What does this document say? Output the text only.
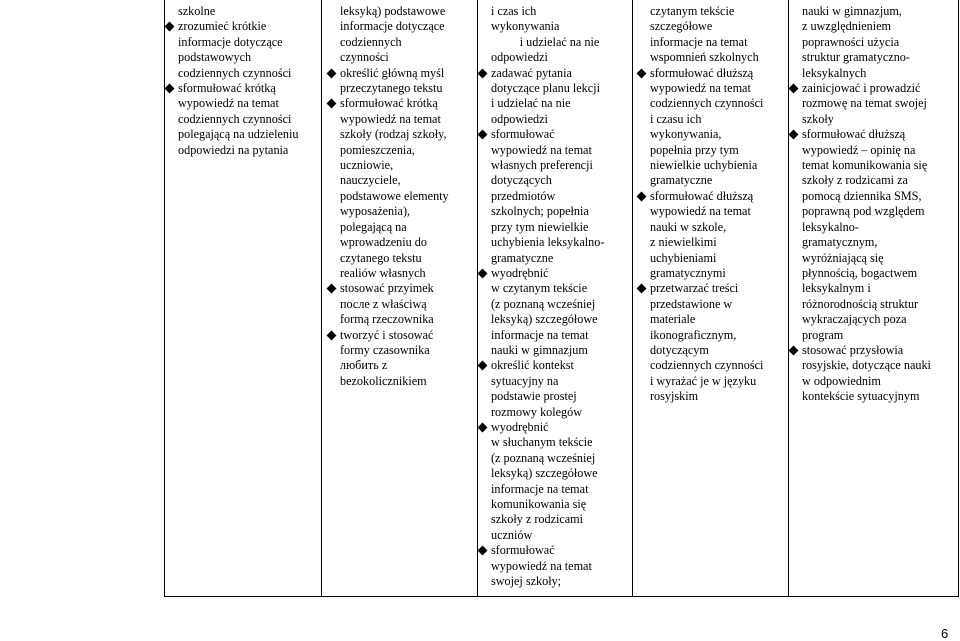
szkolne
zrozumieć krótkie
informacje dotyczące
podstawowych
codziennych czynności
sformułować krótką
wypowiedź na temat
codziennych czynności
polegającą na udzieleniu
odpowiedzi na pytania
leksyką) podstawowe
informacje dotyczące
codziennych
czynności
określić główną myśl
przeczytanego tekstu
sformułować krótką
wypowiedź na temat
szkoły (rodzaj szkoły,
pomieszczenia,
uczniowie,
nauczyciele,
podstawowe elementy
wyposażenia),
polegającą na
wprowadzeniu do
czytanego tekstu
realiów własnych
stosować przyimek
после z właściwą
formą rzeczownika
tworzyć i stosować
formy czasownika
любить z
bezokolicznikiem
i czas ich
wykonywania
i udzielać na nie
odpowiedzi
zadawać pytania
dotyczące planu lekcji
i udzielać na nie
odpowiedzi
sformułować
wypowiedź na temat
własnych preferencji
dotyczących
przedmiotów
szkolnych; popełnia
przy tym niewielkie
uchybienia leksykalno-
gramatyczne
wyodrębnić
w czytanym tekście
(z poznaną wcześniej
leksyką) szczegółowe
informacje na temat
nauki w gimnazjum
określić kontekst
sytuacyjny na
podstawie prostej
rozmowy kolegów
wyodrębnić
w słuchanym tekście
(z poznaną wcześniej
leksyką) szczegółowe
informacje na temat
komunikowania się
szkoły z rodzicami
uczniów
sformułować
wypowiedź na temat
swojej szkoły;
czytanym tekście
szczegółowe
informacje na temat
wspomnień szkolnych
sformułować dłuższą
wypowiedź na temat
codziennych czynności
i czasu ich
wykonywania,
popełnia przy tym
niewielkie uchybienia
gramatyczne
sformułować dłuższą
wypowiedź na temat
nauki w szkole,
z niewielkimi
uchybieniami
gramatycznymi
przetwarzać treści
przedstawione w
materiale
ikonograficznym,
dotyczącym
codziennych czynności
i wyrażać je w języku
rosyjskim
nauki w gimnazjum,
z uwzględnieniem
poprawności użycia
struktur gramatyczno-
leksykalnych
zainicjować i prowadzić
rozmowę na temat swojej
szkoły
sformułować dłuższą
wypowiedź – opinię na
temat komunikowania się
szkoły z rodzicami za
pomocą dziennika SMS,
poprawną pod względem
leksykalno-
gramatycznym,
wyróżniającą się
płynnością, bogactwem
leksykalnym i
różnorodnością struktur
wykraczających poza
program
stosować przysłowia
rosyjskie, dotyczące nauki
w odpowiednim
kontekście sytuacyjnym
6
